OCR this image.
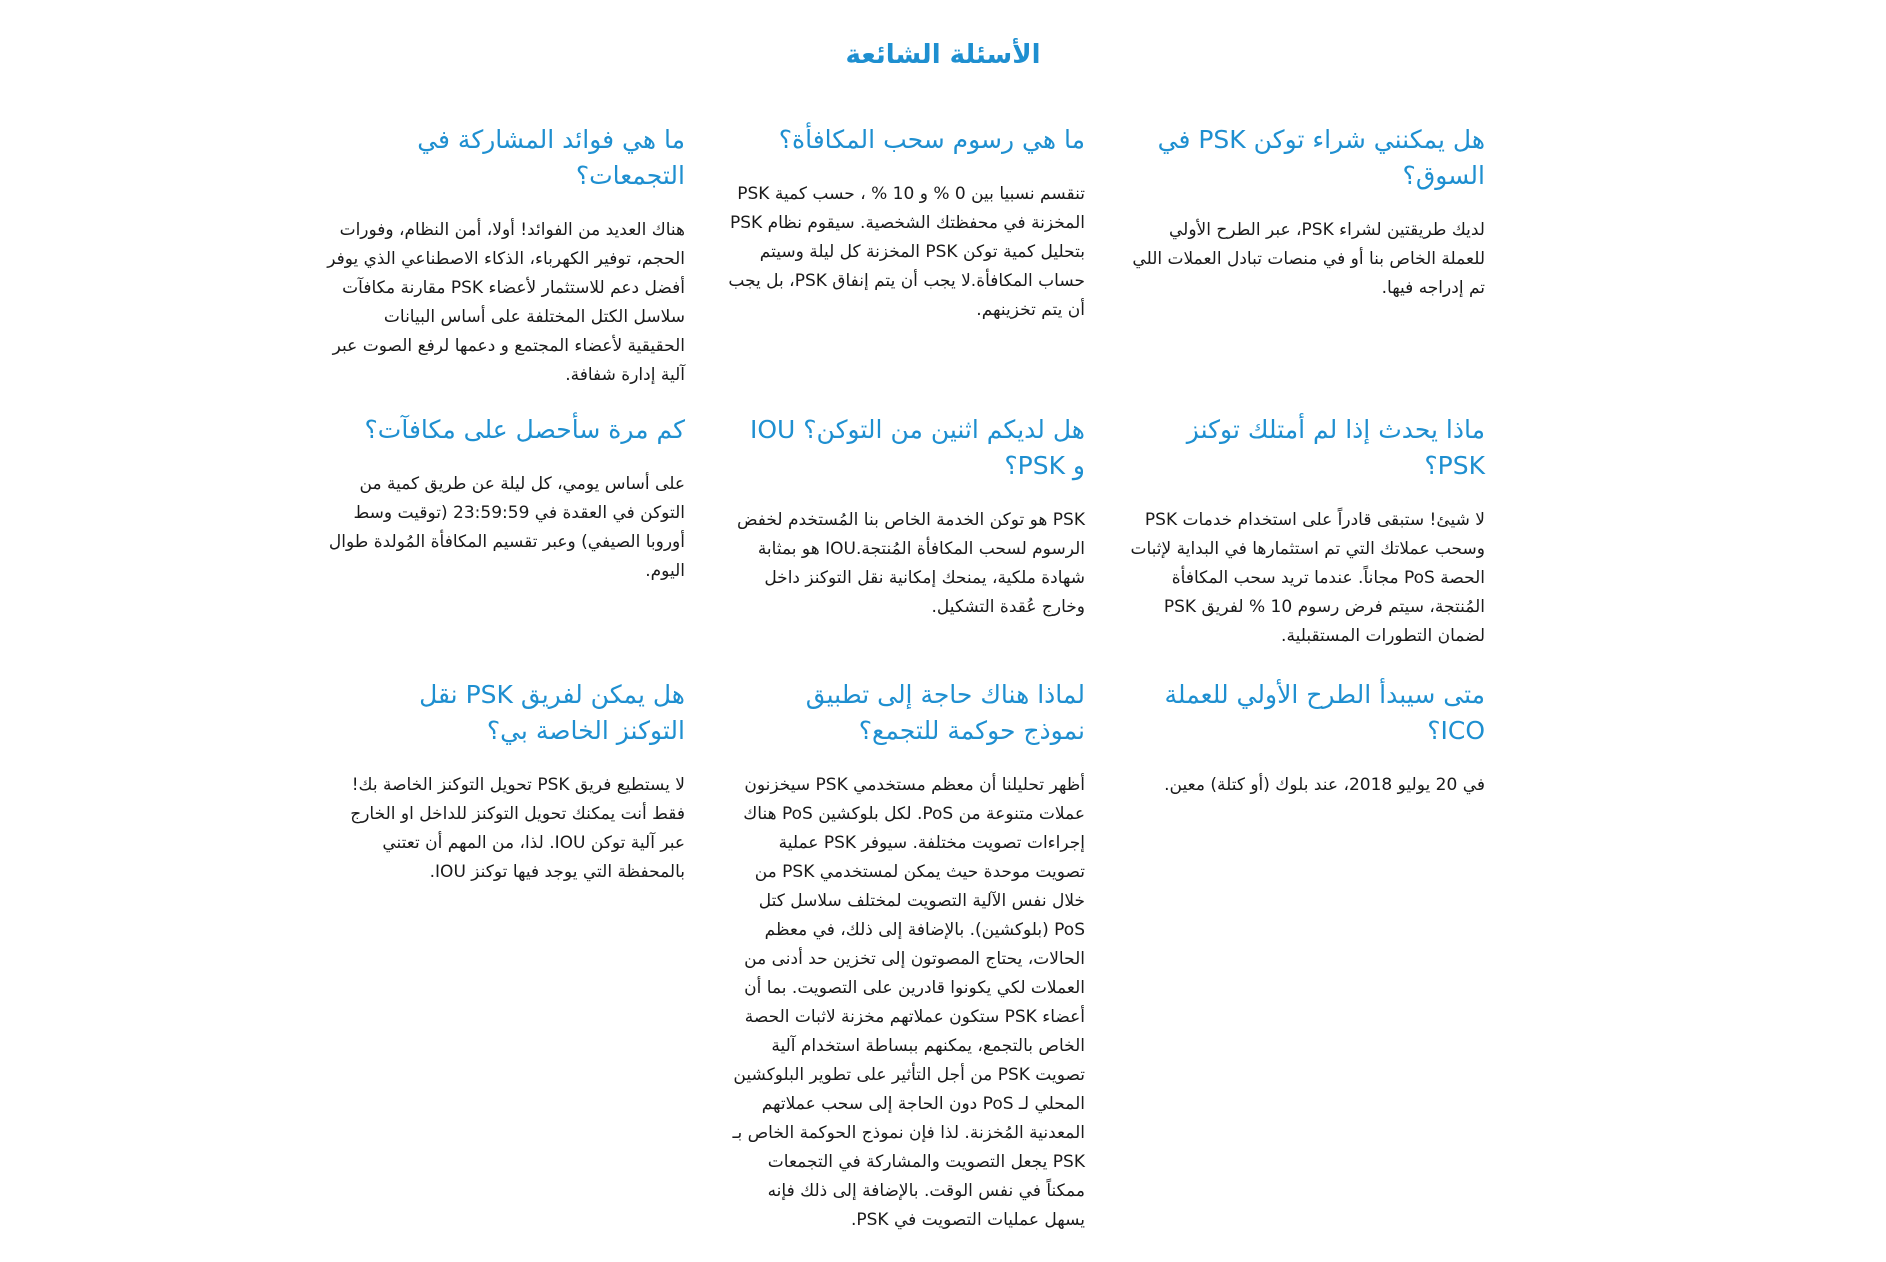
الأسئلة الشائعة
هل يمكنني شراء توكن PSK في السوق؟

لديك طريقتين لشراء PSK، عبر الطرح الأولي للعملة الخاص بنا أو في منصات تبادل العملات اللي تم إدراجه فيها.

ما هي رسوم سحب المكافأة؟

تنقسم نسبيا بين 0 % و 10 % ، حسب كمية PSK المخزنة في محفظتك الشخصية. سيقوم نظام PSK بتحليل كمية توكن PSK المخزنة كل ليلة وسيتم حساب المكافأة.لا يجب أن يتم إنفاق PSK، بل يجب أن يتم تخزينهم.

ما هي فوائد المشاركة في التجمعات؟

هناك العديد من الفوائد! أولا، أمن النظام، وفورات الحجم، توفير الكهرباء، الذكاء الاصطناعي الذي يوفر أفضل دعم للاستثمار لأعضاء PSK مقارنة مكافآت سلاسل الكتل المختلفة على أساس البيانات الحقيقية لأعضاء المجتمع و دعمها لرفع الصوت عبر آلية إدارة شفافة.

ماذا يحدث إذا لم أمتلك توكنز PSK؟

لا شيئ! ستبقى قادراً على استخدام خدمات PSK وسحب عملاتك التي تم استثمارها في البداية لإثبات الحصة PoS مجاناً. عندما تريد سحب المكافأة المُنتجة، سيتم فرض رسوم 10 % لفريق PSK لضمان التطورات المستقبلية.

هل لديكم اثنين من التوكن؟ IOU و PSK؟

PSK هو توكن الخدمة الخاص بنا المُستخدم لخفض الرسوم لسحب المكافأة المُنتجة.IOU هو بمثابة شهادة ملكية، يمنحك إمكانية نقل التوكنز داخل وخارج عُقدة التشكيل.

كم مرة سأحصل على مكافآت؟

على أساس يومي، كل ليلة عن طريق كمية من التوكن في العقدة في 23:59:59 (توقيت وسط أوروبا الصيفي) وعبر تقسيم المكافأة المُولدة طوال اليوم.

متى سيبدأ الطرح الأولي للعملة ICO؟

في 20 يوليو 2018، عند بلوك (أو كتلة) معين.

لماذا هناك حاجة إلى تطبيق نموذج حوكمة للتجمع؟

أظهر تحليلنا أن معظم مستخدمي PSK سيخزنون عملات متنوعة من PoS. لكل بلوكشين PoS هناك إجراءات تصويت مختلفة. سيوفر PSK عملية تصويت موحدة حيث يمكن لمستخدمي PSK من خلال نفس الآلية التصويت لمختلف سلاسل كتل PoS (بلوكشين). بالإضافة إلى ذلك، في معظم الحالات، يحتاج المصوتون إلى تخزين حد أدنى من العملات لكي يكونوا قادرين على التصويت. بما أن أعضاء PSK ستكون عملاتهم مخزنة لاثبات الحصة الخاص بالتجمع، يمكنهم ببساطة استخدام آلية تصويت PSK من أجل التأثير على تطوير البلوكشين المحلي لـ PoS دون الحاجة إلى سحب عملاتهم المعدنية المُخزنة. لذا فإن نموذج الحوكمة الخاص بـ PSK يجعل التصويت والمشاركة في التجمعات ممكناً في نفس الوقت. بالإضافة إلى ذلك فإنه يسهل عمليات التصويت في PSK.

هل يمكن لفريق PSK نقل التوكنز الخاصة بي؟

لا يستطيع فريق PSK تحويل التوكنز الخاصة بك! فقط أنت يمكنك تحويل التوكنز للداخل او الخارج عبر آلية توكن IOU. لذا، من المهم أن تعتني بالمحفظة التي يوجد فيها توكنز IOU.
